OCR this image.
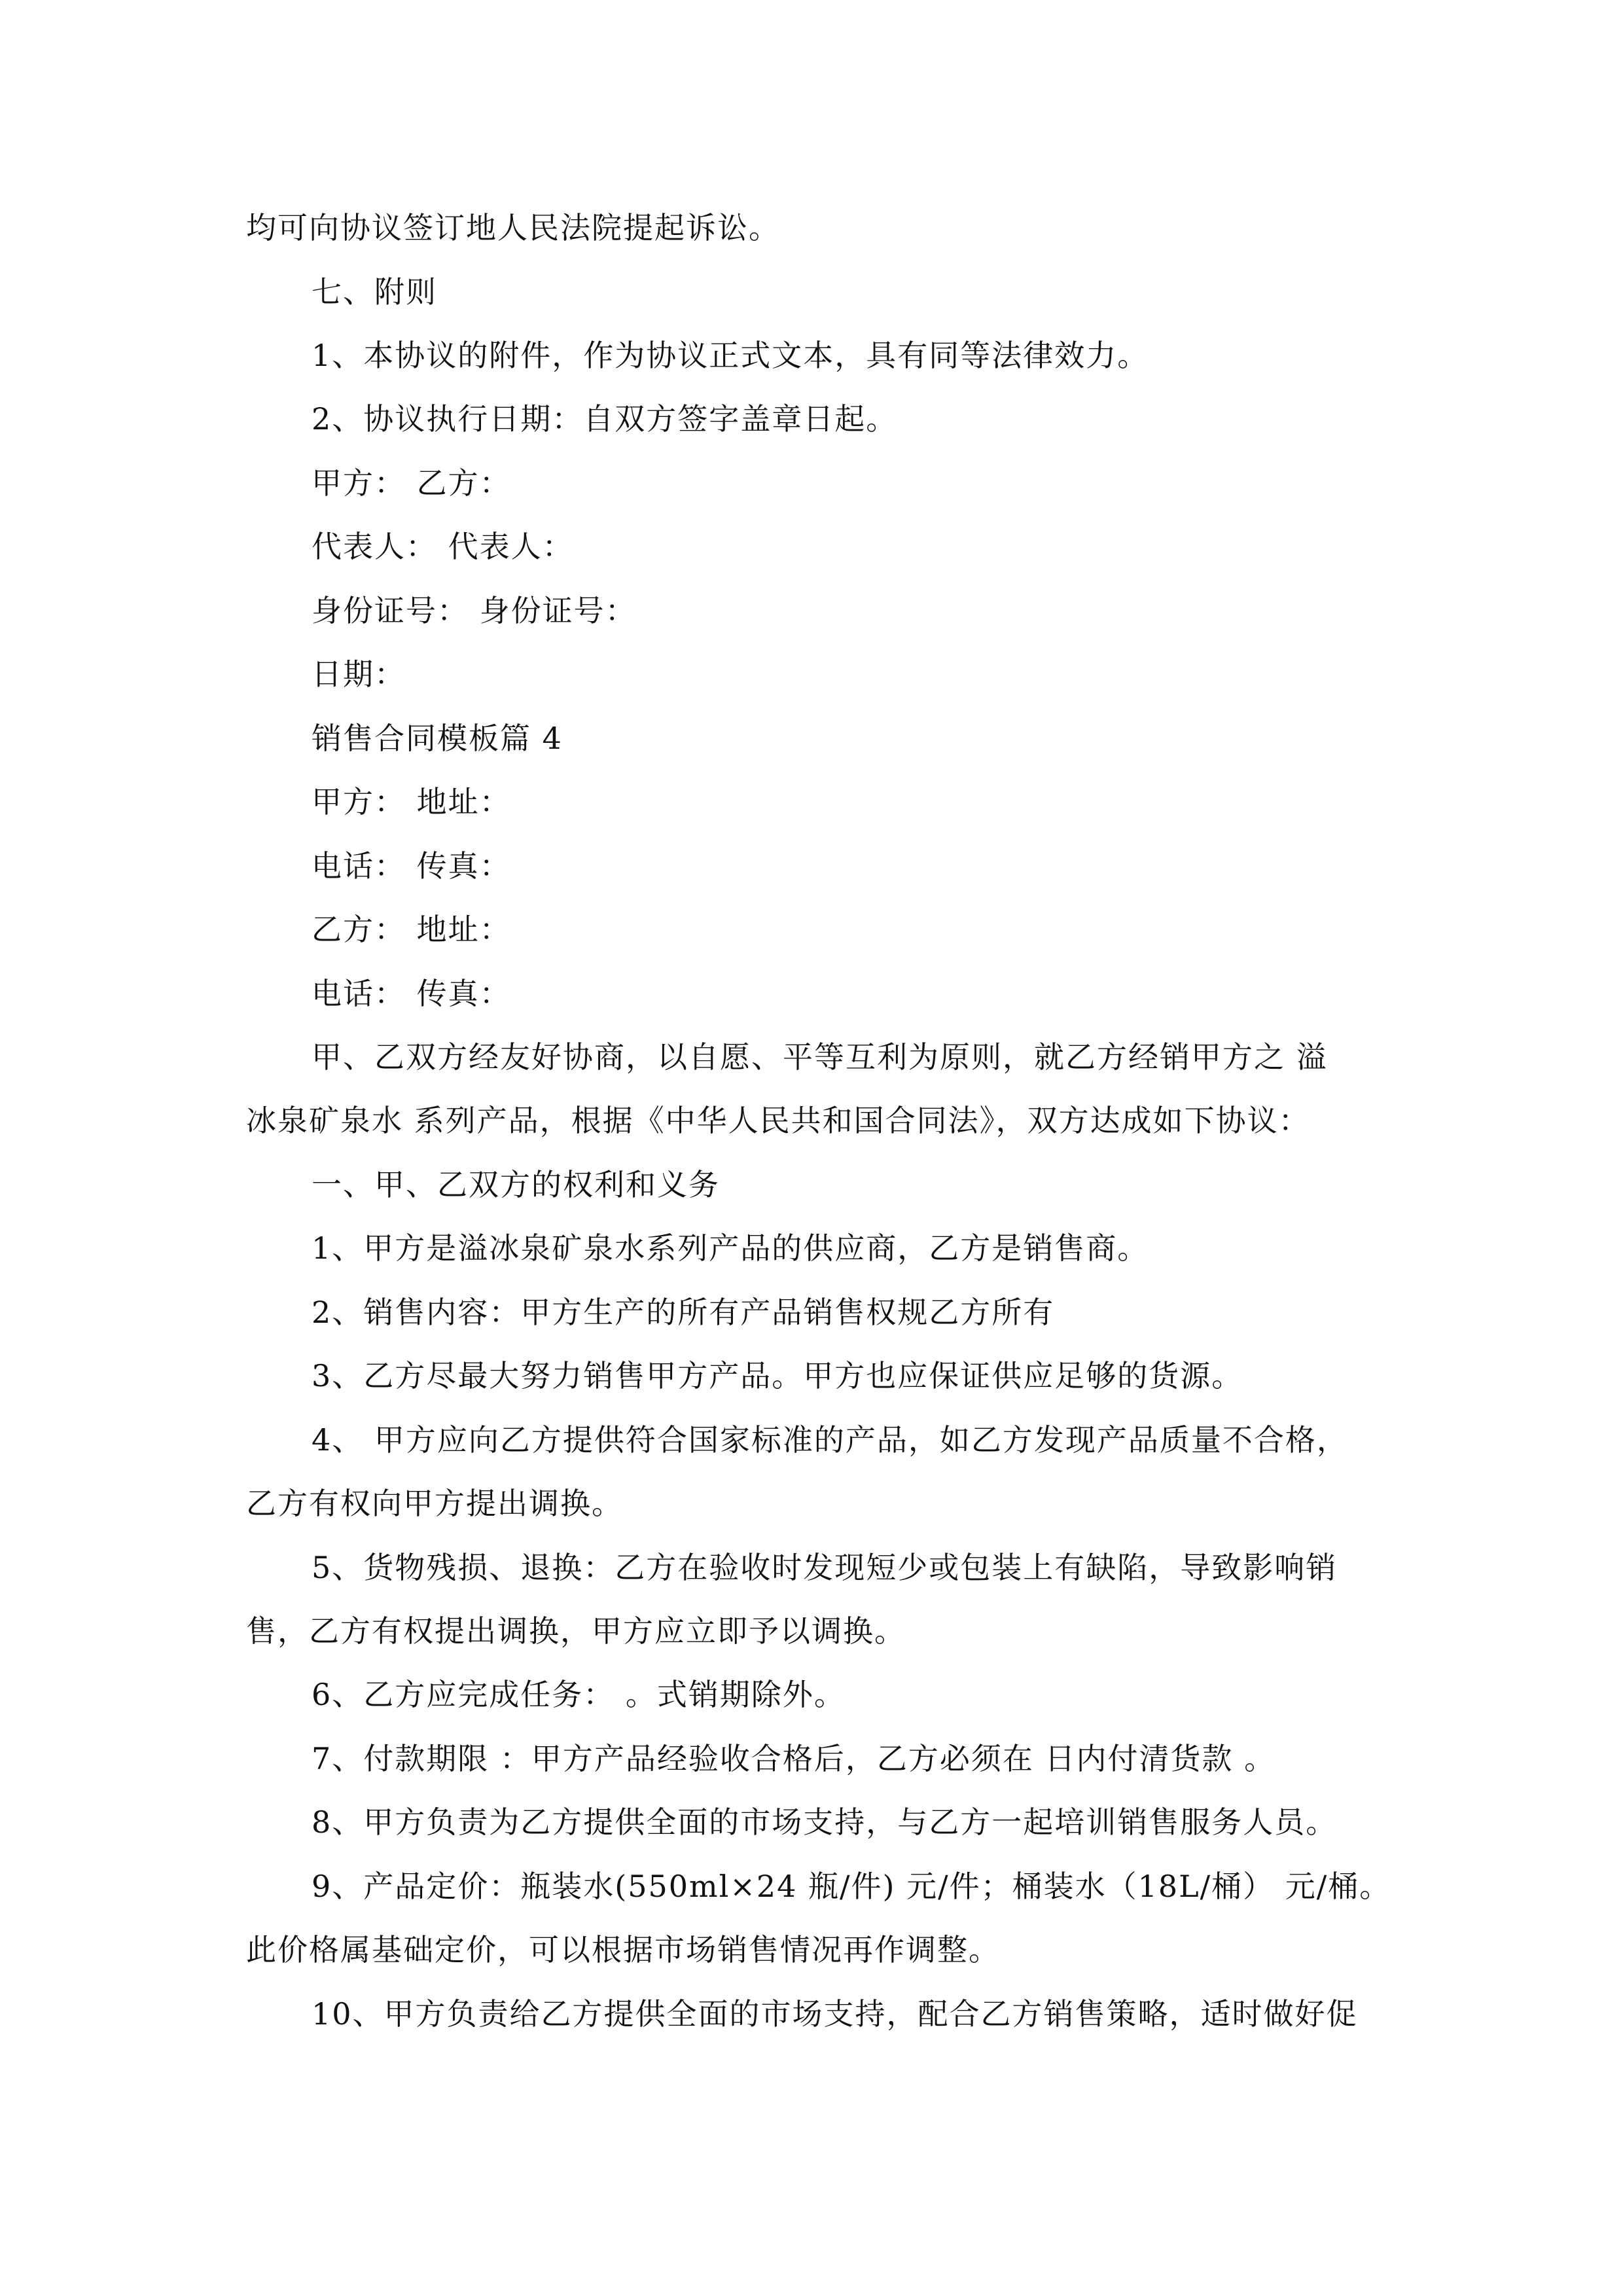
均可向协议签订地人民法院提起诉讼。

七、附则

1、本协议的附件，作为协议正式文本，具有同等法律效力。

2、协议执行日期：自双方签字盖章日起。

甲方： 乙方：

代表人： 代表人：

身份证号： 身份证号：

日期：

销售合同模板篇 4

甲方： 地址：

电话： 传真：

乙方： 地址：

电话： 传真：

甲、乙双方经友好协商，以自愿、平等互利为原则，就乙方经销甲方之 溢

冰泉矿泉水 系列产品，根据《中华人民共和国合同法》，双方达成如下协议：

一、甲、乙双方的权利和义务

1、甲方是溢冰泉矿泉水系列产品的供应商，乙方是销售商。

2、销售内容：甲方生产的所有产品销售权规乙方所有

3、乙方尽最大努力销售甲方产品。甲方也应保证供应足够的货源。

4、 甲方应向乙方提供符合国家标准的产品，如乙方发现产品质量不合格，

乙方有权向甲方提出调换。

5、货物残损、退换：乙方在验收时发现短少或包装上有缺陷，导致影响销

售，乙方有权提出调换，甲方应立即予以调换。

6、乙方应完成任务： 。式销期除外。

7、付款期限 ：甲方产品经验收合格后，乙方必须在 日内付清货款 。

8、甲方负责为乙方提供全面的市场支持，与乙方一起培训销售服务人员。

9、产品定价：瓶装水(550ml×24 瓶/件) 元/件；桶装水（18L/桶） 元/桶。

此价格属基础定价，可以根据市场销售情况再作调整。

10、甲方负责给乙方提供全面的市场支持，配合乙方销售策略，适时做好促
